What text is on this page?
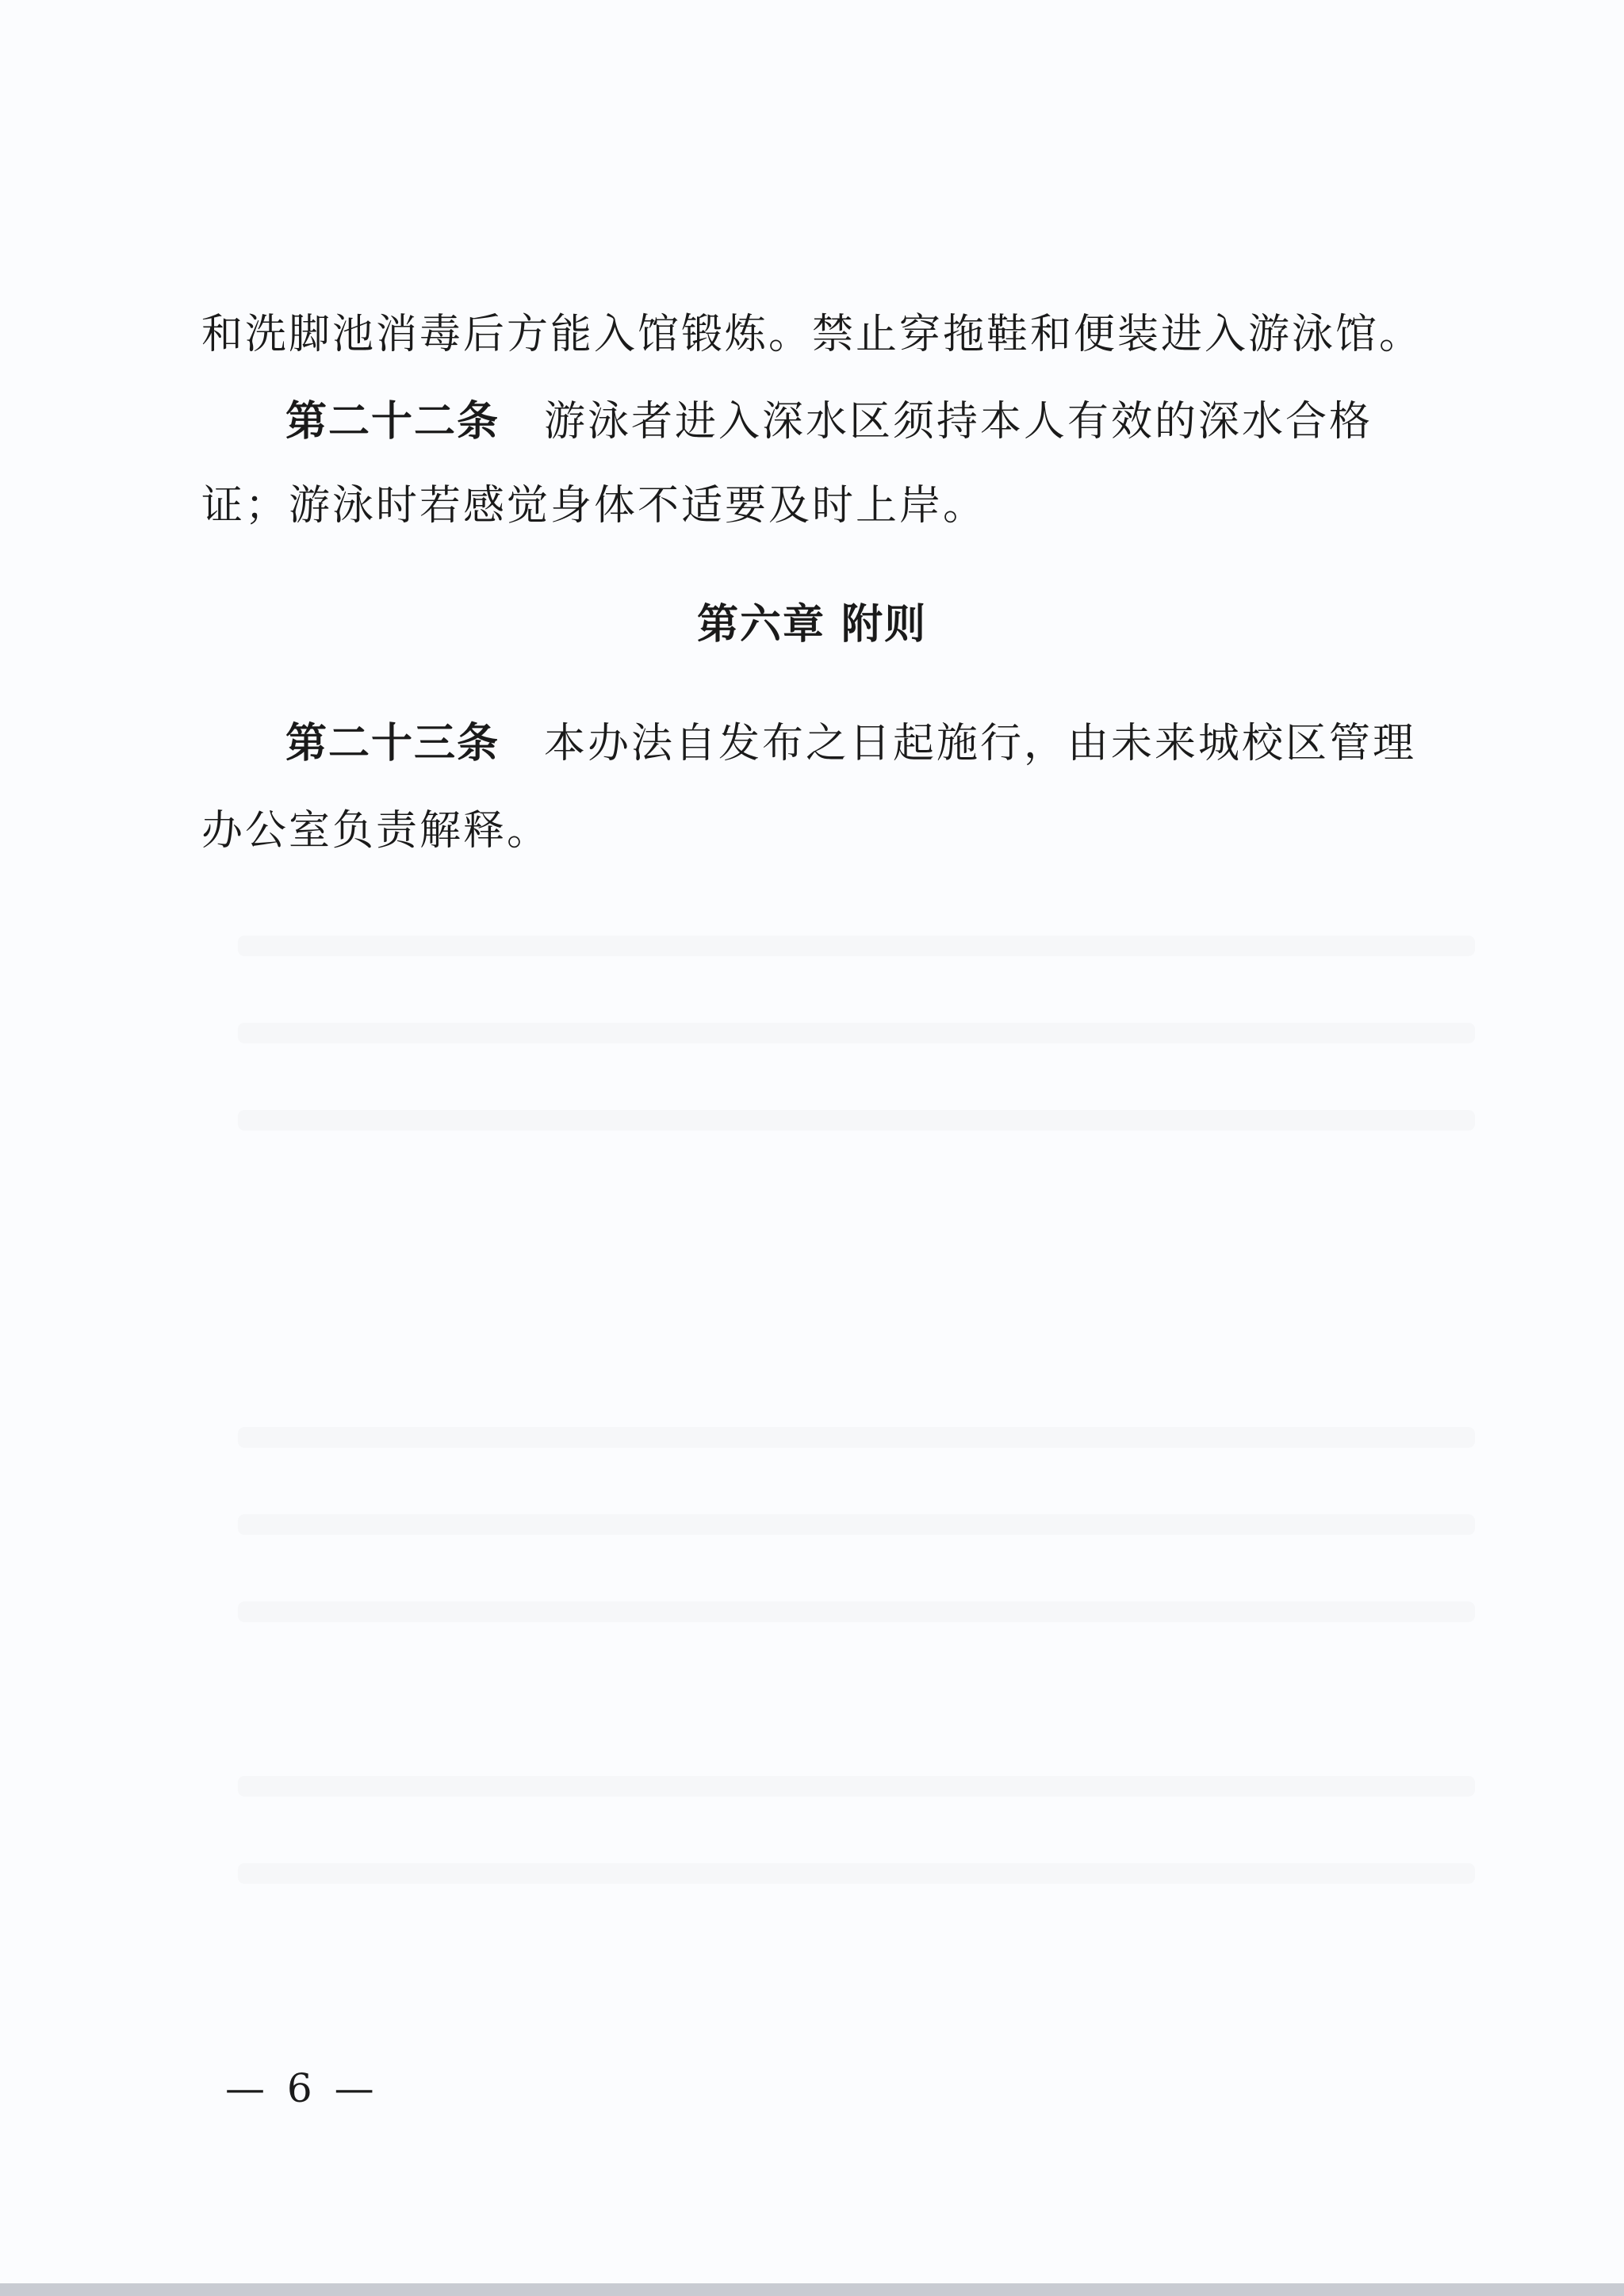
和洗脚池消毒后方能入馆锻炼。禁止穿拖鞋和便装进入游泳馆。

第二十二条 游泳者进入深水区须持本人有效的深水合格

证；游泳时若感觉身体不适要及时上岸。

第六章 附则

第二十三条 本办法自发布之日起施行，由未来城校区管理

办公室负责解释。

— 6 —
